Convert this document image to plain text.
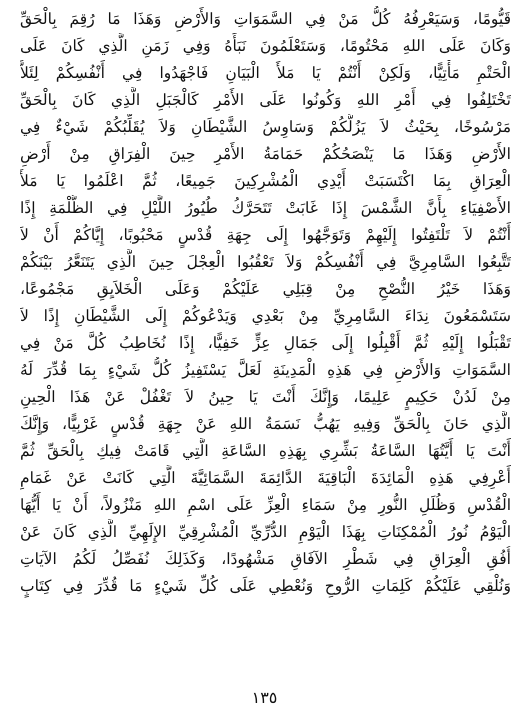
قَيُّومًا، وَسَيَعْرِفُهُ كُلُّ مَنْ فِي السَّمَوَاتِ وَالأَرْضِ وَهَذَا مَا رُقِمَ بِالْحَقِّ
وَكَانَ عَلَى اللهِ مَحْتُومًا، وَسَتَعْلَمُونَ نَبَأَهُ وَفِي زَمَنِ الَّذِي كَانَ عَلَى
الْحَتْمِ مَأْتِيًّا، وَلَكِنْ أَنْتُمْ يَا مَلأَ الْبَيَانِ فَاجْهَدُوا فِي أَنْفُسِكُمْ لِئَلاَّ
تَخْتَلِفُوا فِي أَمْرِ اللهِ وَكُونُوا عَلَى الأَمْرِ كَالْجَبَلِ الَّذِي كَانَ بِالْحَقِّ
مَرْسُوخًا، بِحَيْثُ لاَ يَزُلُّكُمْ وَسَاوِسُ الشَّيْطَانِ وَلاَ يُقَلِّبُكُمْ شَيْءٌ فِي
الأَرْضِ وَهَذَا مَا يَنْصَحُكُمْ حَمَامَةُ الأَمْرِ حِينَ الْفِرَاقِ مِنْ أَرْضِ
الْعِرَاقِ بِمَا اكْتَسَبَتْ أَيْدِي الْمُشْرِكِينَ جَمِيعًا، ثُمَّ اعْلَمُوا يَا مَلأَ
الأَصْفِيَاءِ بِأَنَّ الشَّمْسَ إِذَا غَابَتْ تَتَحَرَّكُ طُيُورُ اللَّيْلِ فِي الظُّلْمَةِ إِذًا
أَنْتُمْ لاَ تَلْتَفِتُوا إِلَيْهِمْ وَتَوَجَّهُوا إِلَى جِهَةِ قُدْسٍ مَحْبُوبًا، إِيَّاكُمْ أَنْ لاَ
تَتَّبِعُوا السَّامِرِيَّ فِي أَنْفُسِكُمْ وَلاَ تَعْقُبُوا الْعِجْلَ حِينَ الَّذِي يَتَنَعَّرُ بَيْنَكُمْ
وَهَذَا خَيْرُ النُّصْحِ مِنْ قِبَلِي عَلَيْكُمْ وَعَلَى الْخَلاَيِقِ مَجْمُوعًا،
سَتَسْمَعُونَ نِدَاءَ السَّامِرِيِّ مِنْ بَعْدِي وَيَدْعُوكُمْ إِلَى الشَّيْطَانِ إِذًا لاَ
تَقْبَلُوا إِلَيْهِ ثُمَّ أَقْبِلُوا إِلَى جَمَالِ عِزٍّ خَفِيًّا، إِذًا نُخَاطِبُ كُلَّ مَنْ فِي
السَّمَوَاتِ وَالأَرْضِ فِي هَذِهِ الْمَدِينَةِ لَعَلَّ يَسْتَفِيزُ كُلُّ شَيْءٍ بِمَا قُدِّرَ لَهُ
مِنْ لَدُنْ حَكِيمٍ عَلِيمًا، وَإِنَّكَ أَنْتَ يَا حِينُ لاَ تَغْفُلْ عَنْ هَذَا الْحِينِ
الَّذِي حَانَ بِالْحَقِّ وَفِيهِ يَهُبُّ نَسَمَةُ اللهِ عَنْ جِهَةِ قُدْسٍ غَرْبِيًّا، وَإِنَّكَ
أَنْتَ يَا أَيَّتُهَا السَّاعَةُ بَشِّرِي بِهَذِهِ السَّاعَةِ الَّتِي قَامَتْ فِيكِ بِالْحَقِّ ثُمَّ
أَعْرِفِي هَذِهِ الْمَائِدَةَ الْبَاقِيَةَ الدَّائِمَةَ السَّمَائِيَّةَ الَّتِي كَانَتْ عَنْ غَمَامِ
الْقُدْسِ وَظُلَلِ النُّورِ مِنْ سَمَاءِ الْعِزِّ عَلَى اسْمِ اللهِ مَنْزُولاً، أَنْ يَا أَيُّهَا
الْيَوْمُ نُورُ الْمُمْكِنَاتِ بِهَذَا الْيَوْمِ الدُّرِّيِّ الْمُشْرِقِيِّ الإِلَهِيِّ الَّذِي كَانَ عَنْ
أُفُقِ الْعِرَاقِ فِي شَطْرِ الآفَاقِ مَشْهُودًا، وَكَذَلِكَ نُفَصِّلُ لَكُمُ الآيَاتِ
وَنُلْقِي عَلَيْكُمْ كَلِمَاتِ الرُّوحِ وَنُعْطِي عَلَى كُلِّ شَيْءٍ مَا قُدِّرَ فِي كِتَابٍ
١٣٥
